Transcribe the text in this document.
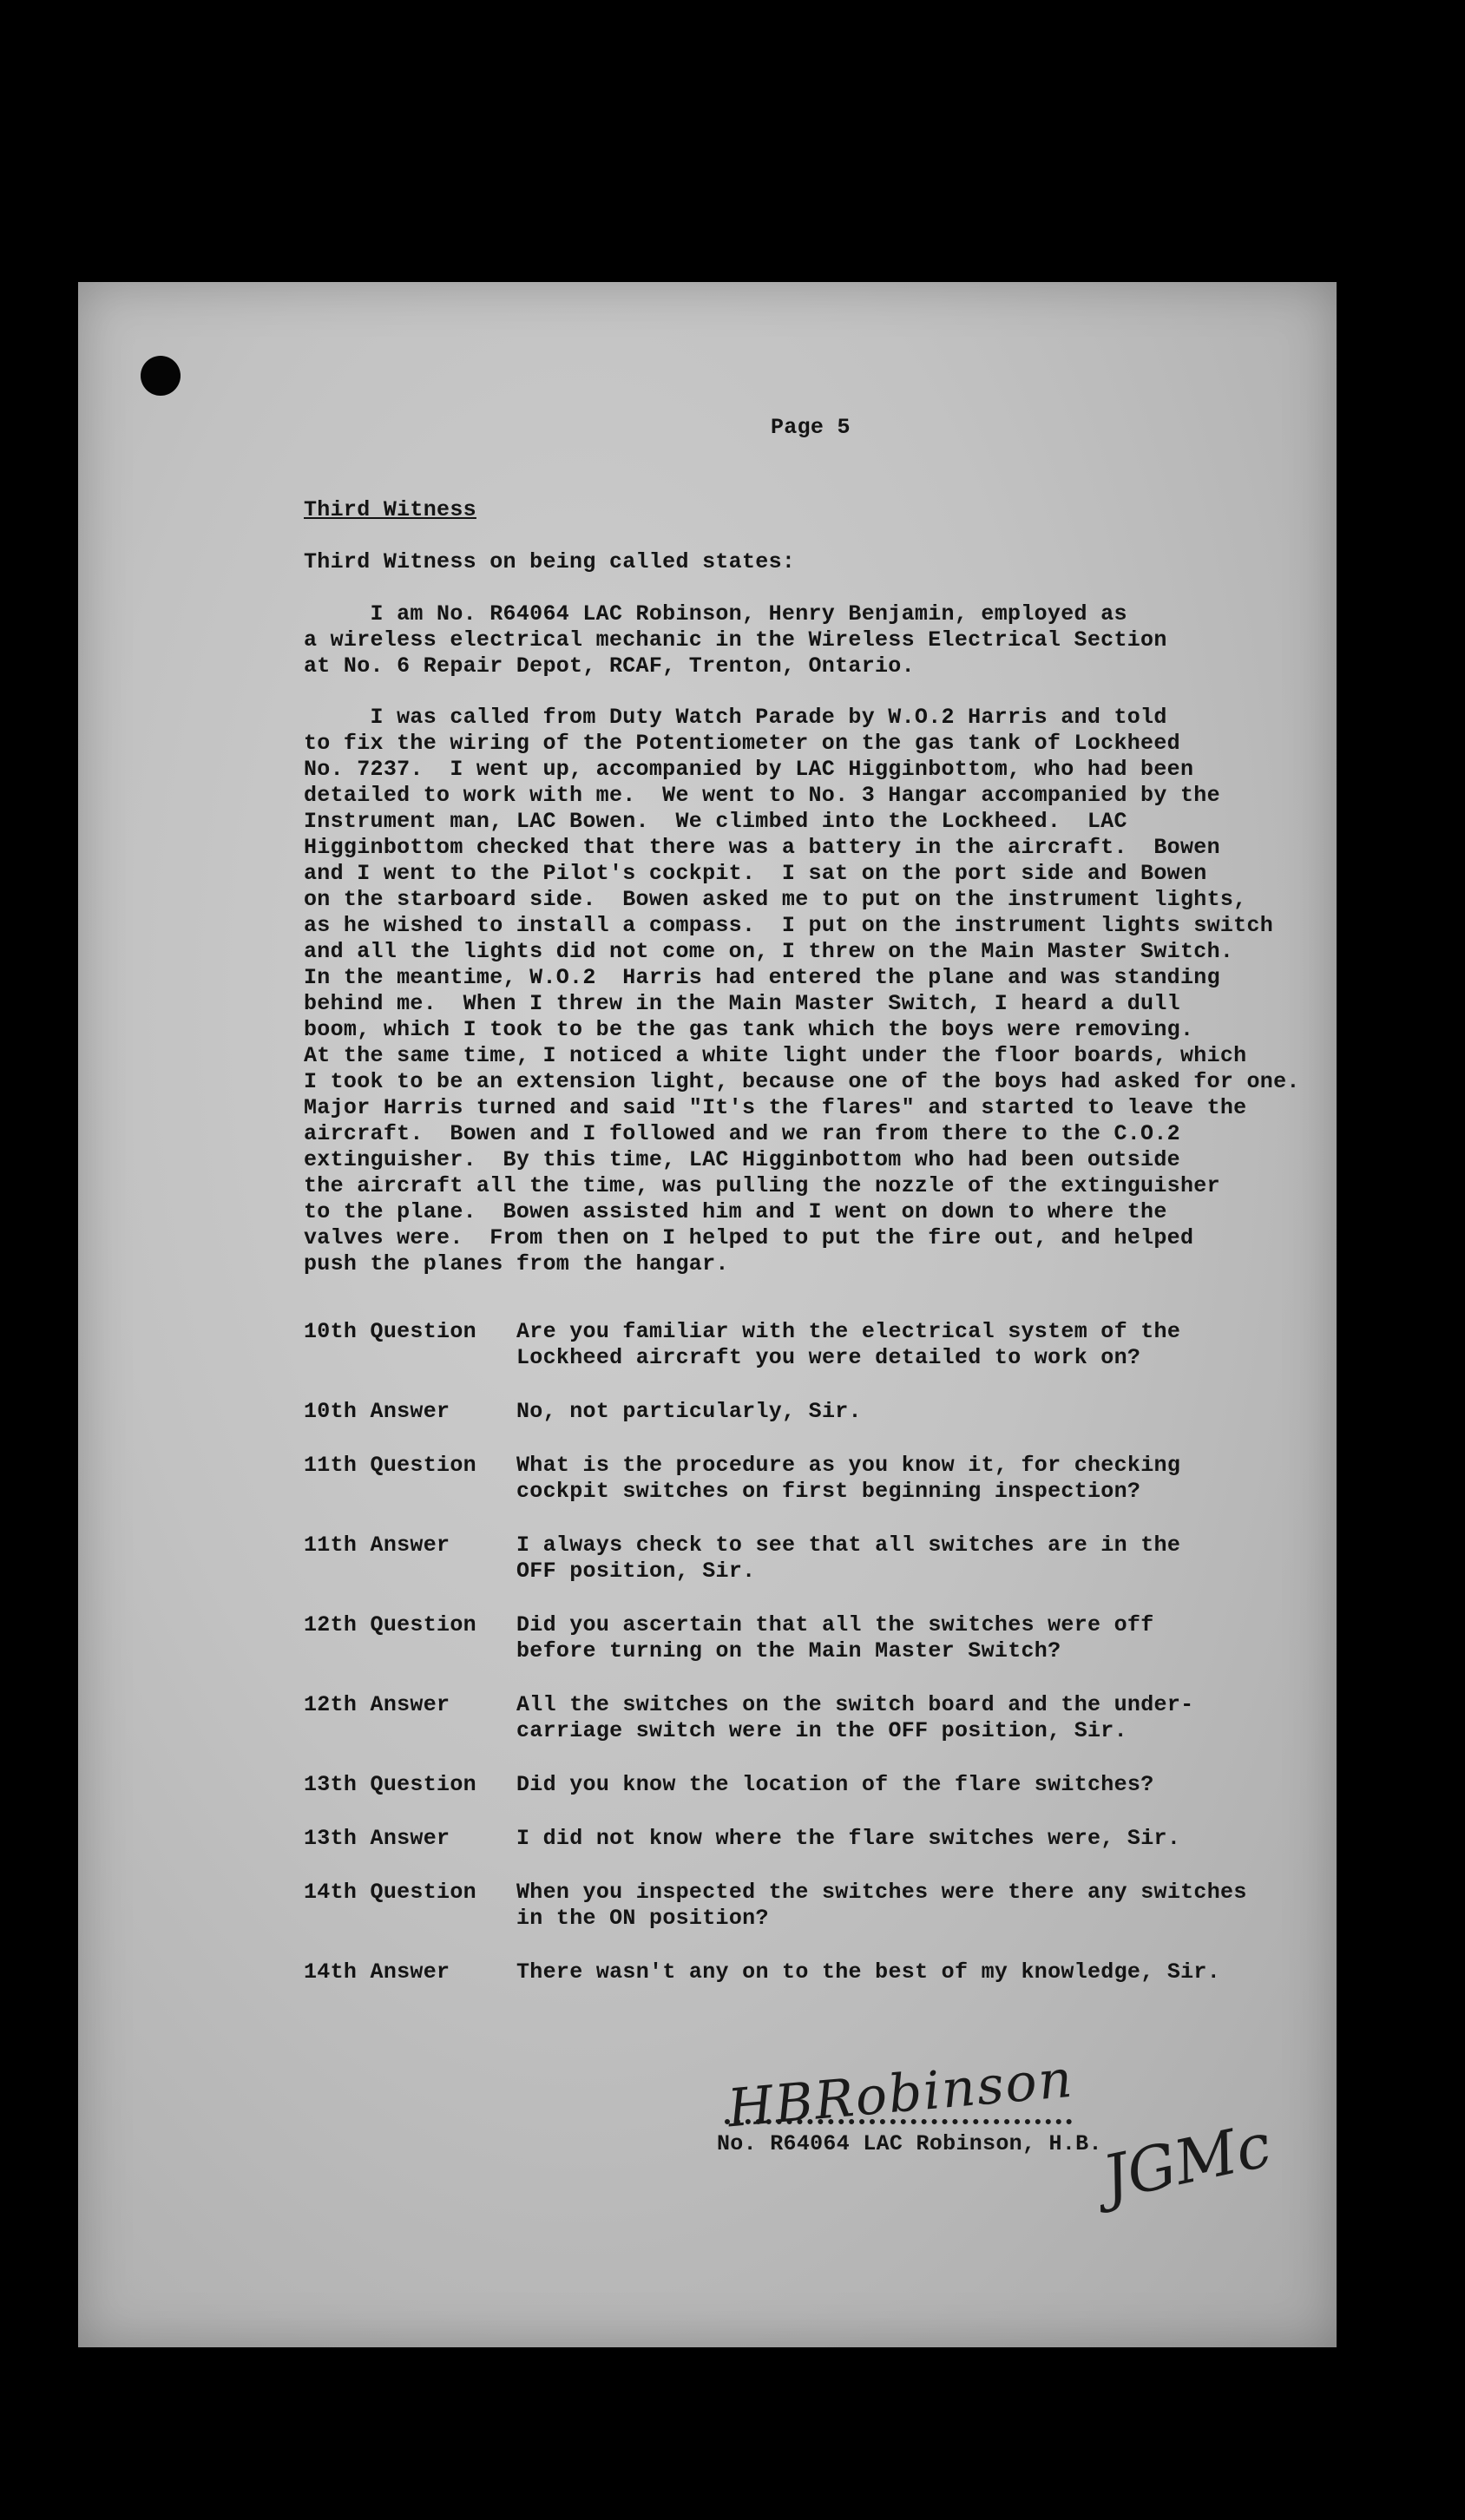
Page 5
Third Witness
Third Witness on being called states:
I am No. R64064 LAC Robinson, Henry Benjamin, employed as
a wireless electrical mechanic in the Wireless Electrical Section
at No. 6 Repair Depot, RCAF, Trenton, Ontario.
I was called from Duty Watch Parade by W.O.2 Harris and told
to fix the wiring of the Potentiometer on the gas tank of Lockheed
No. 7237.  I went up, accompanied by LAC Higginbottom, who had been
detailed to work with me.  We went to No. 3 Hangar accompanied by the
Instrument man, LAC Bowen.  We climbed into the Lockheed.  LAC
Higginbottom checked that there was a battery in the aircraft.  Bowen
and I went to the Pilot's cockpit.  I sat on the port side and Bowen
on the starboard side.  Bowen asked me to put on the instrument lights,
as he wished to install a compass.  I put on the instrument lights switch
and all the lights did not come on, I threw on the Main Master Switch.
In the meantime, W.O.2  Harris had entered the plane and was standing
behind me.  When I threw in the Main Master Switch, I heard a dull
boom, which I took to be the gas tank which the boys were removing.
At the same time, I noticed a white light under the floor boards, which
I took to be an extension light, because one of the boys had asked for one.
Major Harris turned and said "It's the flares" and started to leave the
aircraft.  Bowen and I followed and we ran from there to the C.O.2
extinguisher.  By this time, LAC Higginbottom who had been outside
the aircraft all the time, was pulling the nozzle of the extinguisher
to the plane.  Bowen assisted him and I went on down to where the
valves were.  From then on I helped to put the fire out, and helped
push the planes from the hangar.
10th Question	Are you familiar with the electrical system of the
Lockheed aircraft you were detailed to work on?
10th Answer	No, not particularly, Sir.
11th Question	What is the procedure as you know it, for checking
cockpit switches on first beginning inspection?
11th Answer	I always check to see that all switches are in the
OFF position, Sir.
12th Question	Did you ascertain that all the switches were off
before turning on the Main Master Switch?
12th Answer	All the switches on the switch board and the under-
carriage switch were in the OFF position, Sir.
13th Question	Did you know the location of the flare switches?
13th Answer	I did not know where the flare switches were, Sir.
14th Question	When you inspected the switches were there any switches
in the ON position?
14th Answer	There wasn't any on to the best of my knowledge, Sir.
HBRobinson
No. R64064 LAC Robinson, H.B.
JGMc
